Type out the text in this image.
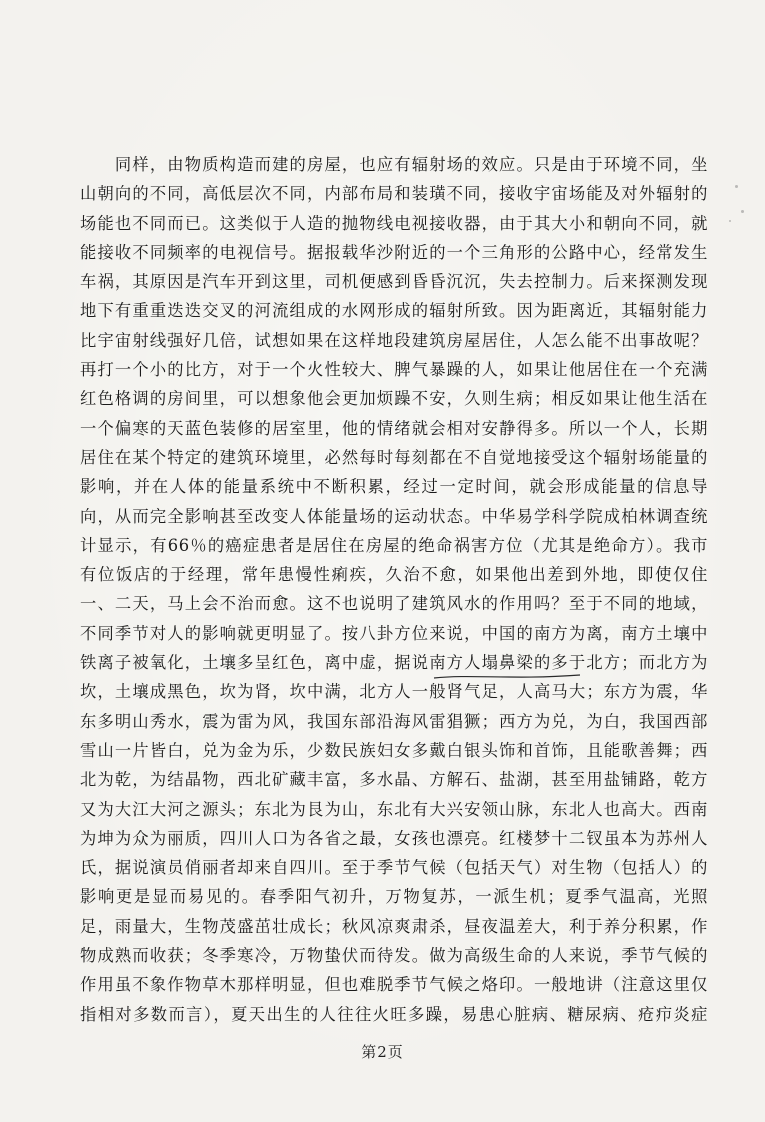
　　同样，由物质构造而建的房屋，也应有辐射场的效应。只是由于环境不同，坐
山朝向的不同，高低层次不同，内部布局和装璜不同，接收宇宙场能及对外辐射的
场能也不同而已。这类似于人造的抛物线电视接收器，由于其大小和朝向不同，就
能接收不同频率的电视信号。据报载华沙附近的一个三角形的公路中心，经常发生
车祸，其原因是汽车开到这里，司机便感到昏昏沉沉，失去控制力。后来探测发现
地下有重重迭迭交叉的河流组成的水网形成的辐射所致。因为距离近，其辐射能力
比宇宙射线强好几倍，试想如果在这样地段建筑房屋居住，人怎么能不出事故呢？
再打一个小的比方，对于一个火性较大、脾气暴躁的人，如果让他居住在一个充满
红色格调的房间里，可以想象他会更加烦躁不安，久则生病；相反如果让他生活在
一个偏寒的天蓝色装修的居室里，他的情绪就会相对安静得多。所以一个人，长期
居住在某个特定的建筑环境里，必然每时每刻都在不自觉地接受这个辐射场能量的
影响，并在人体的能量系统中不断积累，经过一定时间，就会形成能量的信息导
向，从而完全影响甚至改变人体能量场的运动状态。中华易学科学院成柏林调查统
计显示，有66％的癌症患者是居住在房屋的绝命祸害方位（尤其是绝命方）。我市
有位饭店的于经理，常年患慢性痢疾，久治不愈，如果他出差到外地，即使仅住
一、二天，马上会不治而愈。这不也说明了建筑风水的作用吗？至于不同的地域，
不同季节对人的影响就更明显了。按八卦方位来说，中国的南方为离，南方土壤中
铁离子被氧化，土壤多呈红色，离中虚，据说南方人塌鼻梁的多于北方；而北方为
坎，土壤成黑色，坎为肾，坎中满，北方人一般肾气足，人高马大；东方为震，华
东多明山秀水，震为雷为风，我国东部沿海风雷猖獗；西方为兑，为白，我国西部
雪山一片皆白，兑为金为乐，少数民族妇女多戴白银头饰和首饰，且能歌善舞；西
北为乾，为结晶物，西北矿藏丰富，多水晶、方解石、盐湖，甚至用盐铺路，乾方
又为大江大河之源头；东北为艮为山，东北有大兴安领山脉，东北人也高大。西南
为坤为众为丽质，四川人口为各省之最，女孩也漂亮。红楼梦十二钗虽本为苏州人
氏，据说演员俏丽者却来自四川。至于季节气候（包括天气）对生物（包括人）的
影响更是显而易见的。春季阳气初升，万物复苏，一派生机；夏季气温高，光照
足，雨量大，生物茂盛茁壮成长；秋风凉爽肃杀，昼夜温差大，利于养分积累，作
物成熟而收获；冬季寒冷，万物蛰伏而待发。做为高级生命的人来说，季节气候的
作用虽不象作物草木那样明显，但也难脱季节气候之烙印。一般地讲（注意这里仅
指相对多数而言），夏天出生的人往往火旺多躁，易患心脏病、糖尿病、疮疖炎症
第2页
